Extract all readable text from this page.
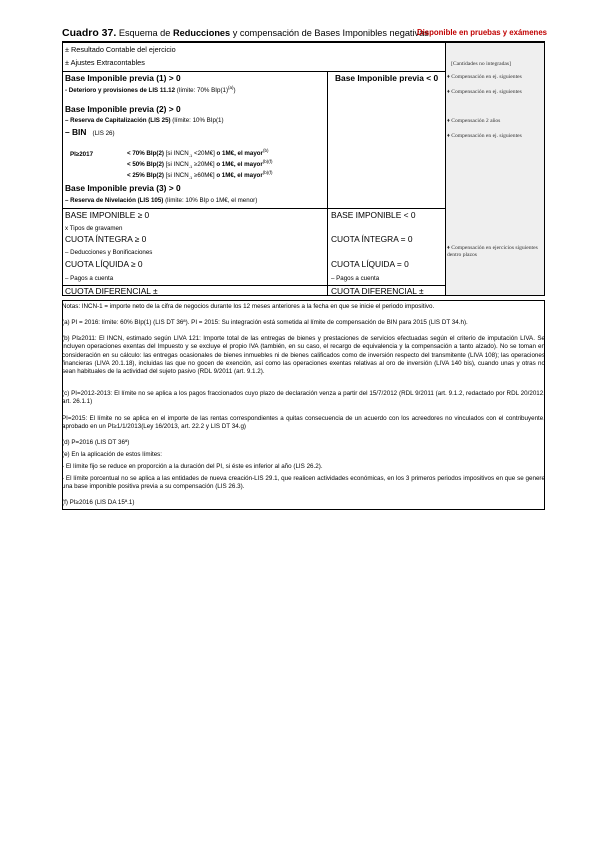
Cuadro 37. Esquema de Reducciones y compensación de Bases Imponibles negativas
Disponible en pruebas y exámenes
± Resultado Contable del ejercicio
± Ajustes Extracontables
Base Imponible previa (1) > 0
- Deterioro y provisiones de LIS 11.12 (límite: 70% $BIp(1)^{(a)}$)
Base Imponible previa < 0
Base Imponible previa (2) > 0
– Reserva de Capitalización (LIS 25) (límite: 10% BIp(1)
– BIN (LIS 26)
PI≥2017	< 70% BIp(2) [si $INCN_{-1}$ <20M€] o 1M€, el mayor$^{(b)}$
< 50% BIp(2) [si $INCN_{-1}$ ≥20M€] o 1M€, el mayor$^{(b)(f)}$
< 25% BIp(2) [si $INCN_{-1}$ ≥60M€] o 1M€, el mayor$^{(b)(f)}$
Base Imponible previa (3) > 0
– Reserva de Nivelación (LIS 105) (límite: 10% BIp o 1M€, el menor)
BASE IMPONIBLE ≥ 0	BASE IMPONIBLE < 0
x Tipos de gravamen
CUOTA ÍNTEGRA ≥ 0	CUOTA ÍNTEGRA = 0
– Deducciones y Bonificaciones
CUOTA LÍQUIDA ≥ 0	CUOTA LÍQUIDA = 0
– Pagos a cuenta	– Pagos a cuenta
CUOTA DIFERENCIAL ±	CUOTA DIFERENCIAL ±
[Cantidades no integradas]
♦ Compensación en ej. siguientes
♦ Compensación en ej. siguientes
♦ Compensación 2 años
♦ Compensación en ej. siguientes
♦ Compensación en ejercicios siguientes
dentro plazos
Notas: INCN-1 = importe neto de la cifra de negocios durante los 12 meses anteriores a la fecha en que se inicie el periodo impositivo.
(a) PI = 2016: límite: 60% BIp(1) (LIS DT 36ª). PI = 2015: Su integración está sometida al límite de compensación de BIN para 2015 (LIS DT 34.h).
(b) PI≥2011: El INCN, estimado según LIVA 121: Importe total de las entregas de bienes y prestaciones de servicios efectuadas según el criterio de imputación LIVA. Se incluyen operaciones exentas del Impuesto y se excluye el propio IVA (también, en su caso, el recargo de equivalencia y la compensación a tanto alzado). No se toman en consideración en su cálculo: las entregas ocasionales de bienes inmuebles ni de bienes calificados como de inversión respecto del transmitente (LIVA 108); las operaciones financieras (LIVA 20.1.18), incluidas las que no gocen de exención, así como las operaciones exentas relativas al oro de inversión (LIVA 140 bis), cuando unas y otras no sean habituales de la actividad del sujeto pasivo (RDL 9/2011 (art. 9.1.2).
(c) PI=2012-2013: El límite no se aplica a los pagos fraccionados cuyo plazo de declaración venza a partir del 15/7/2012 (RDL 9/2011 (art. 9.1.2, redactado por RDL 20/2012, art. 26.1.1)
PI=2015: El límite no se aplica en el importe de las rentas correspondientes a quitas consecuencia de un acuerdo con los acreedores no vinculados con el contribuyente, aprobado en un PI≥1/1/2013(Ley 16/2013, art. 22.2 y LIS DT 34.g)
(d) P=2016 (LIS DT 36ª)
(e) En la aplicación de estos límites:
- El límite fijo se reduce en proporción a la duración del PI, si éste es inferior al año (LIS 26.2).
- El límite porcentual no se aplica a las entidades de nueva creación-LIS 29.1, que realicen actividades económicas, en los 3 primeros periodos impositivos en que se genere una base imponible positiva previa a su compensación (LIS 26.3).
(f) PI≥2016 (LIS DA 15ª.1)
